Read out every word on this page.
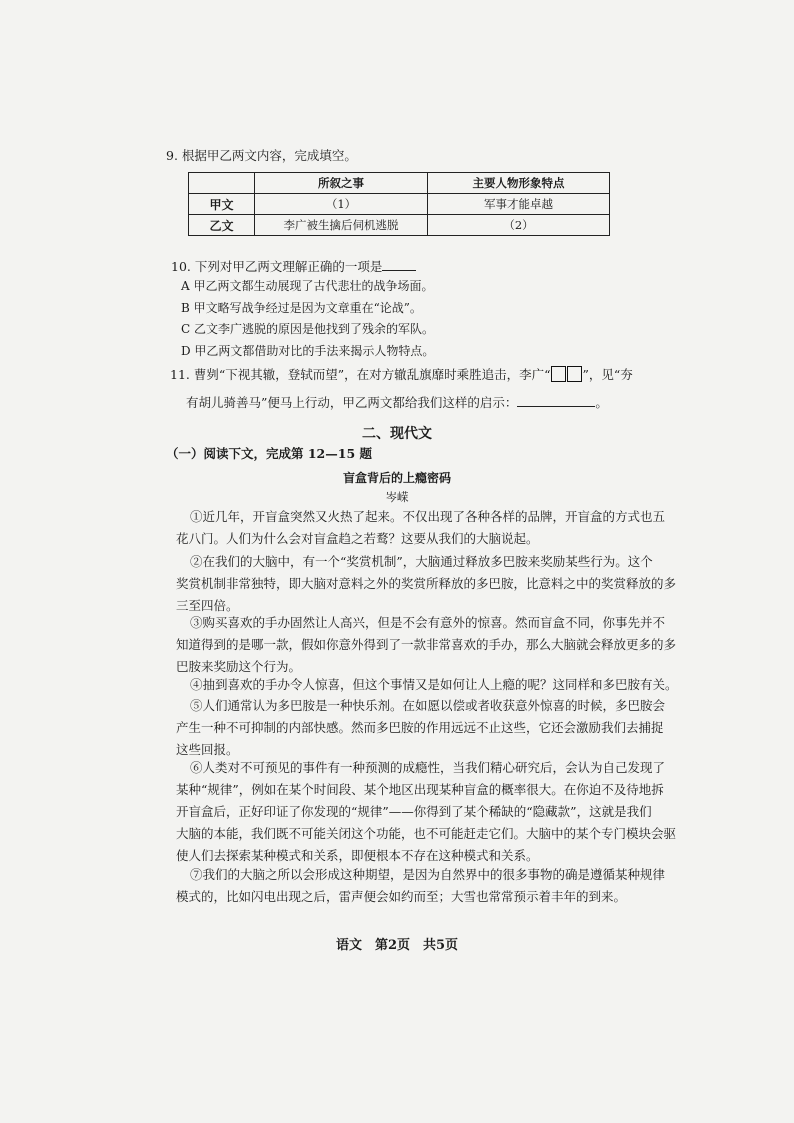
9. 根据甲乙两文内容，完成填空。
	所叙之事	主要人物形象特点
甲文	（1）	军事才能卓越
乙文	李广被生擒后伺机逃脱	（2）
10. 下列对甲乙两文理解正确的一项是
A 甲乙两文都生动展现了古代悲壮的战争场面。
B 甲文略写战争经过是因为文章重在“论战”。
C 乙文李广逃脱的原因是他找到了残余的军队。
D 甲乙两文都借助对比的手法来揭示人物特点。
11. 曹刿“下视其辙，登轼而望”，在对方辙乱旗靡时乘胜追击，李广“	”，见“夯
有胡儿骑善马”便马上行动，甲乙两文都给我们这样的启示：	。
二、现代文
（一）阅读下文，完成第 12—15 题
盲盒背后的上瘾密码
岑嵘

①近几年，开盲盒突然又火热了起来。不仅出现了各种各样的品牌，开盲盒的方式也五

花八门。人们为什么会对盲盒趋之若鹜？这要从我们的大脑说起。

②在我们的大脑中，有一个“奖赏机制”，大脑通过释放多巴胺来奖励某些行为。这个

奖赏机制非常独特，即大脑对意料之外的奖赏所释放的多巴胺，比意料之中的奖赏释放的多

三至四倍。

③购买喜欢的手办固然让人高兴，但是不会有意外的惊喜。然而盲盒不同，你事先并不

知道得到的是哪一款，假如你意外得到了一款非常喜欢的手办，那么大脑就会释放更多的多

巴胺来奖励这个行为。

④抽到喜欢的手办令人惊喜，但这个事情又是如何让人上瘾的呢？这同样和多巴胺有关。

⑤人们通常认为多巴胺是一种快乐剂。在如愿以偿或者收获意外惊喜的时候，多巴胺会

产生一种不可抑制的内部快感。然而多巴胺的作用远远不止这些，它还会激励我们去捕捉

这些回报。

⑥人类对不可预见的事件有一种预测的成瘾性，当我们精心研究后，会认为自己发现了

某种“规律”，例如在某个时间段、某个地区出现某种盲盒的概率很大。在你迫不及待地拆

开盲盒后，正好印证了你发现的“规律”——你得到了某个稀缺的“隐藏款”，这就是我们

大脑的本能，我们既不可能关闭这个功能，也不可能赶走它们。大脑中的某个专门模块会驱

使人们去探索某种模式和关系，即便根本不存在这种模式和关系。

⑦我们的大脑之所以会形成这种期望，是因为自然界中的很多事物的确是遵循某种规律

模式的，比如闪电出现之后，雷声便会如约而至；大雪也常常预示着丰年的到来。

语文　第2页　共5页
